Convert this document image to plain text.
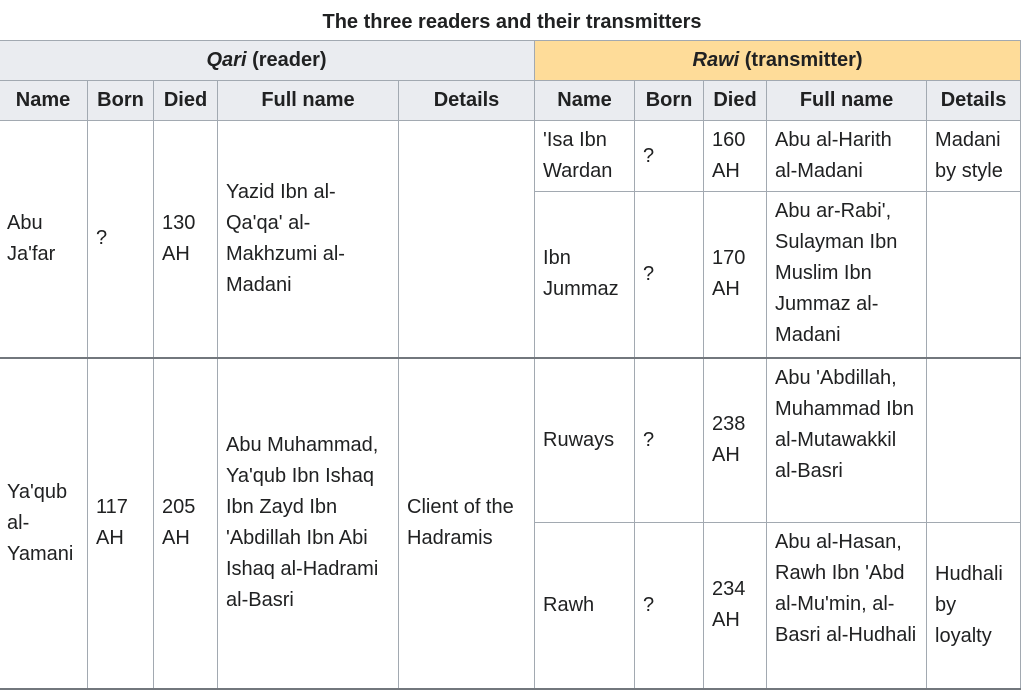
The three readers and their transmitters
Qari (reader)					Rawi (transmitter)				
Name	Born	Died	Full name	Details	Name	Born	Died	Full name	Details
Abu Ja'far	?	130 AH	Yazid Ibn al-Qa'qa' al-Makhzumi al-Madani		'Isa Ibn Wardan	?	160 AH	Abu al-Harith al-Madani	Madani by style
					Ibn Jummaz	?	170 AH	Abu ar-Rabi', Sulayman Ibn Muslim Ibn Jummaz al-Madani	
Ya'qub al-Yamani	117 AH	205 AH	Abu Muhammad, Ya'qub Ibn Ishaq Ibn Zayd Ibn 'Abdillah Ibn Abi Ishaq al-Hadrami al-Basri	Client of the Hadramis	Ruways	?	238 AH	Abu 'Abdillah, Muhammad Ibn al-Mutawakkil al-Basri	
					Rawh	?	234 AH	Abu al-Hasan, Rawh Ibn 'Abd al-Mu'min, al-Basri al-Hudhali	Hudhali by loyalty
